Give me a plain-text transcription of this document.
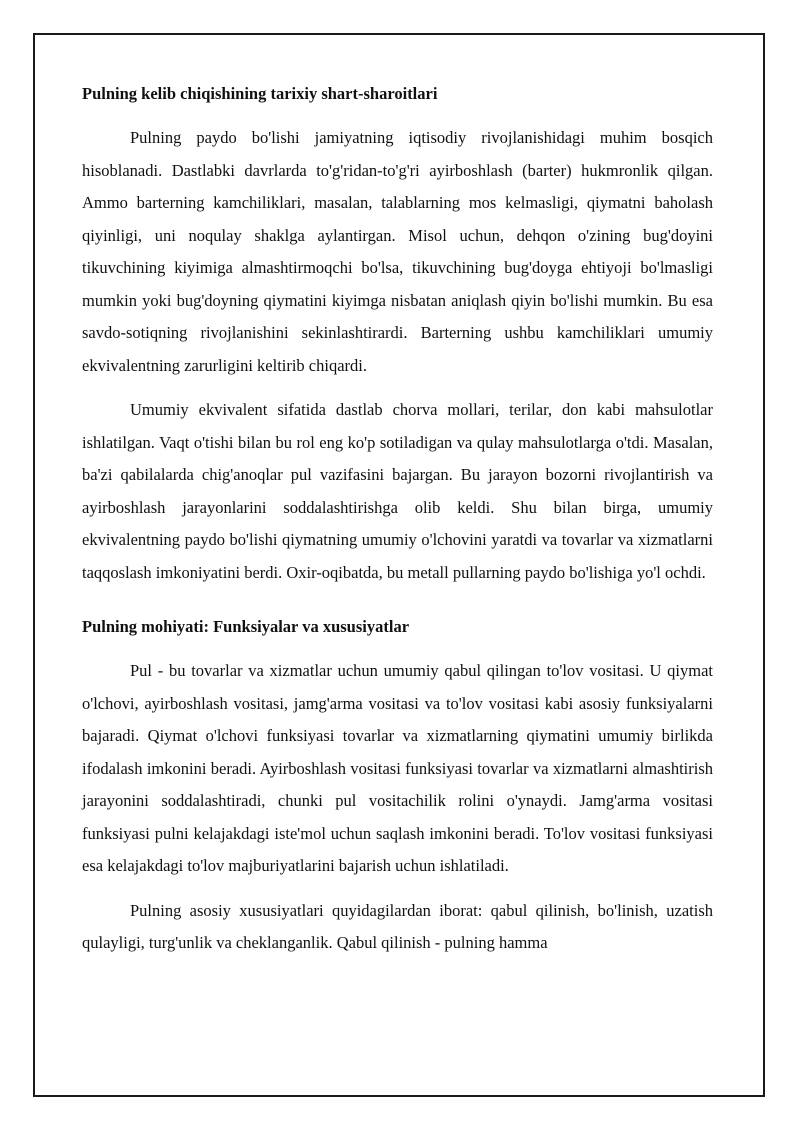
Pulning kelib chiqishining tarixiy shart-sharoitlari

Pulning paydo bo'lishi jamiyatning iqtisodiy rivojlanishidagi muhim bosqich hisoblanadi. Dastlabki davrlarda to'g'ridan-to'g'ri ayirboshlash (barter) hukmronlik qilgan. Ammo barterning kamchiliklari, masalan, talablarning mos kelmasligi, qiymatni baholash qiyinligi, uni noqulay shaklga aylantirgan. Misol uchun, dehqon o'zining bug'doyini tikuvchining kiyimiga almashtirmoqchi bo'lsa, tikuvchining bug'doyga ehtiyoji bo'lmasligi mumkin yoki bug'doyning qiymatini kiyimga nisbatan aniqlash qiyin bo'lishi mumkin. Bu esa savdo-sotiqning rivojlanishini sekinlashtirardi. Barterning ushbu kamchiliklari umumiy ekvivalentning zarurligini keltirib chiqardi.

Umumiy ekvivalent sifatida dastlab chorva mollari, terilar, don kabi mahsulotlar ishlatilgan. Vaqt o'tishi bilan bu rol eng ko'p sotiladigan va qulay mahsulotlarga o'tdi. Masalan, ba'zi qabilalarda chig'anoqlar pul vazifasini bajargan. Bu jarayon bozorni rivojlantirish va ayirboshlash jarayonlarini soddalashtirishga olib keldi. Shu bilan birga, umumiy ekvivalentning paydo bo'lishi qiymatning umumiy o'lchovini yaratdi va tovarlar va xizmatlarni taqqoslash imkoniyatini berdi. Oxir-oqibatda, bu metall pullarning paydo bo'lishiga yo'l ochdi.

Pulning mohiyati: Funksiyalar va xususiyatlar

Pul - bu tovarlar va xizmatlar uchun umumiy qabul qilingan to'lov vositasi. U qiymat o'lchovi, ayirboshlash vositasi, jamg'arma vositasi va to'lov vositasi kabi asosiy funksiyalarni bajaradi. Qiymat o'lchovi funksiyasi tovarlar va xizmatlarning qiymatini umumiy birlikda ifodalash imkonini beradi. Ayirboshlash vositasi funksiyasi tovarlar va xizmatlarni almashtirish jarayonini soddalashtiradi, chunki pul vositachilik rolini o'ynaydi. Jamg'arma vositasi funksiyasi pulni kelajakdagi iste'mol uchun saqlash imkonini beradi. To'lov vositasi funksiyasi esa kelajakdagi to'lov majburiyatlarini bajarish uchun ishlatiladi.

Pulning asosiy xususiyatlari quyidagilardan iborat: qabul qilinish, bo'linish, uzatish qulayligi, turg'unlik va cheklanganlik. Qabul qilinish - pulning hamma
